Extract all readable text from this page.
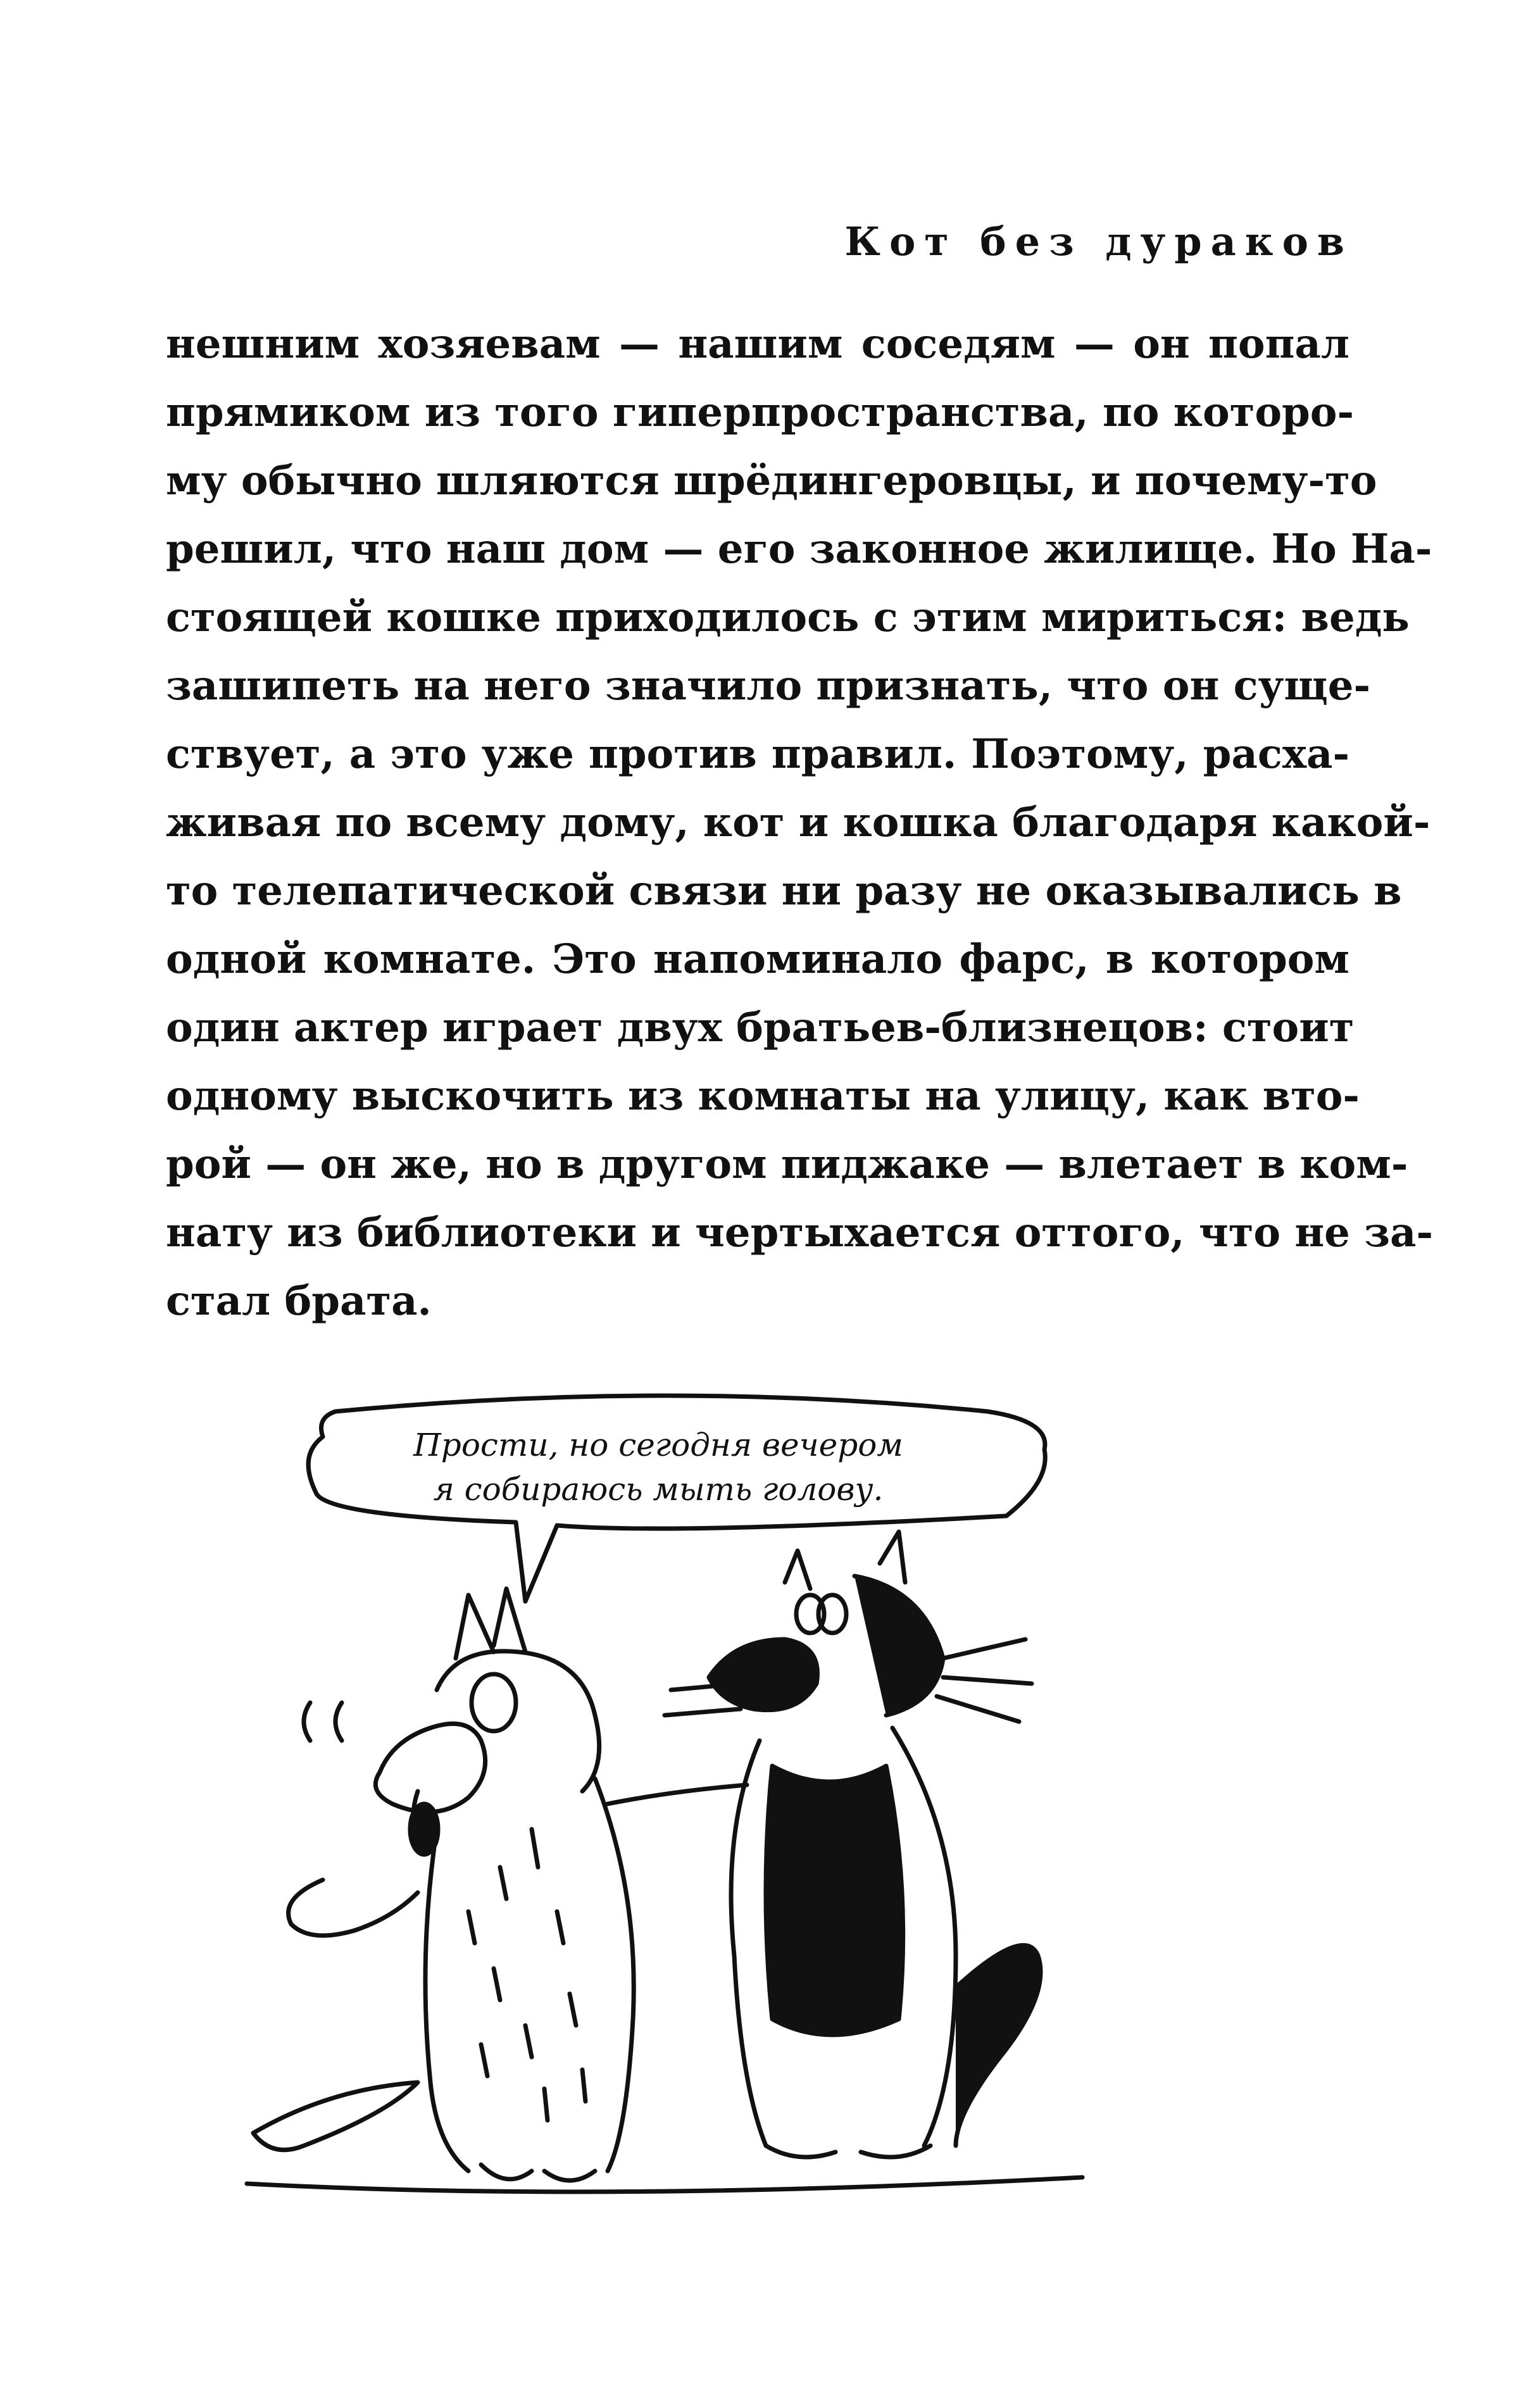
Кот без дураков
нешним хозяевам — нашим соседям — он попал
прямиком из того гиперпространства, по которо-
му обычно шляются шрёдингеровцы, и почему-то
решил, что наш дом — его законное жилище. Но На-
стоящей кошке приходилось с этим мириться: ведь
зашипеть на него значило признать, что он суще-
ствует, а это уже против правил. Поэтому, расха-
живая по всему дому, кот и кошка благодаря какой-
то телепатической связи ни разу не оказывались в
одной комнате. Это напоминало фарс, в котором
один актер играет двух братьев-близнецов: стоит
одному выскочить из комнаты на улицу, как вто-
рой — он же, но в другом пиджаке — влетает в ком-
нату из библиотеки и чертыхается оттого, что не за-
стал брата.
Прости, но сегодня вечером
я собираюсь мыть голову.
